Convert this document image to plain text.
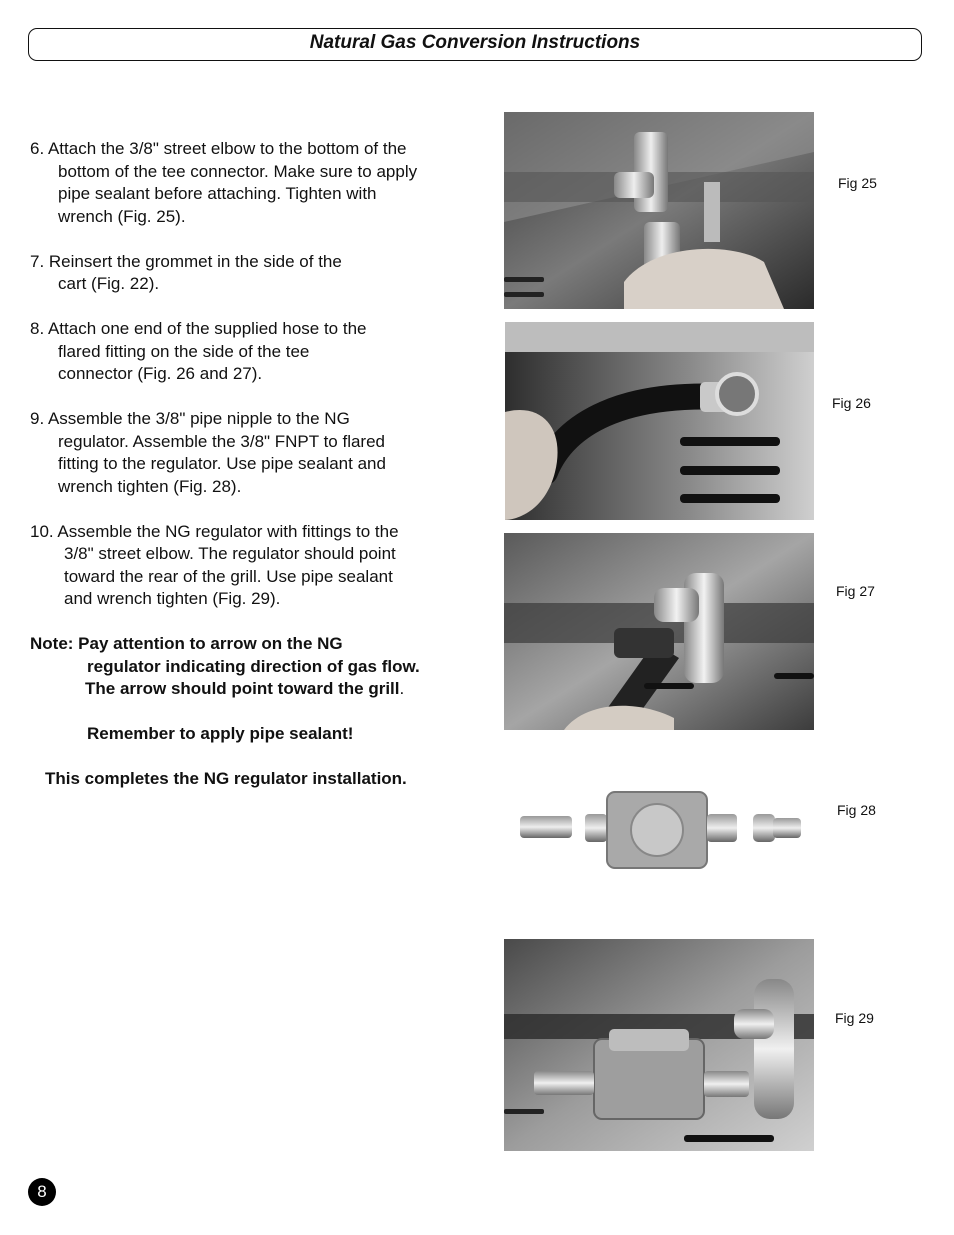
Natural Gas Conversion Instructions
6. Attach the 3/8" street elbow to the bottom of the
bottom of the tee connector. Make sure to apply
pipe sealant before attaching. Tighten with
wrench (Fig. 25).
7. Reinsert the grommet in the side of the
cart (Fig. 22).
8. Attach one end of the supplied hose to the
flared fitting on the side of the tee
connector (Fig. 26 and 27).
9. Assemble the 3/8" pipe nipple to the NG
regulator. Assemble the 3/8" FNPT to flared
fitting to the regulator. Use pipe sealant and
wrench tighten (Fig. 28).
10. Assemble the NG regulator with fittings to the
3/8" street elbow. The regulator should point
toward the rear of the grill. Use pipe sealant
and wrench tighten (Fig. 29).
Note: Pay attention to arrow on the NG
regulator indicating direction of gas flow.
The arrow should point toward the grill.
Remember to apply pipe sealant!
This completes the NG regulator installation.
Fig 25
Fig 26
Fig 27
Fig 28
Fig 29
8
